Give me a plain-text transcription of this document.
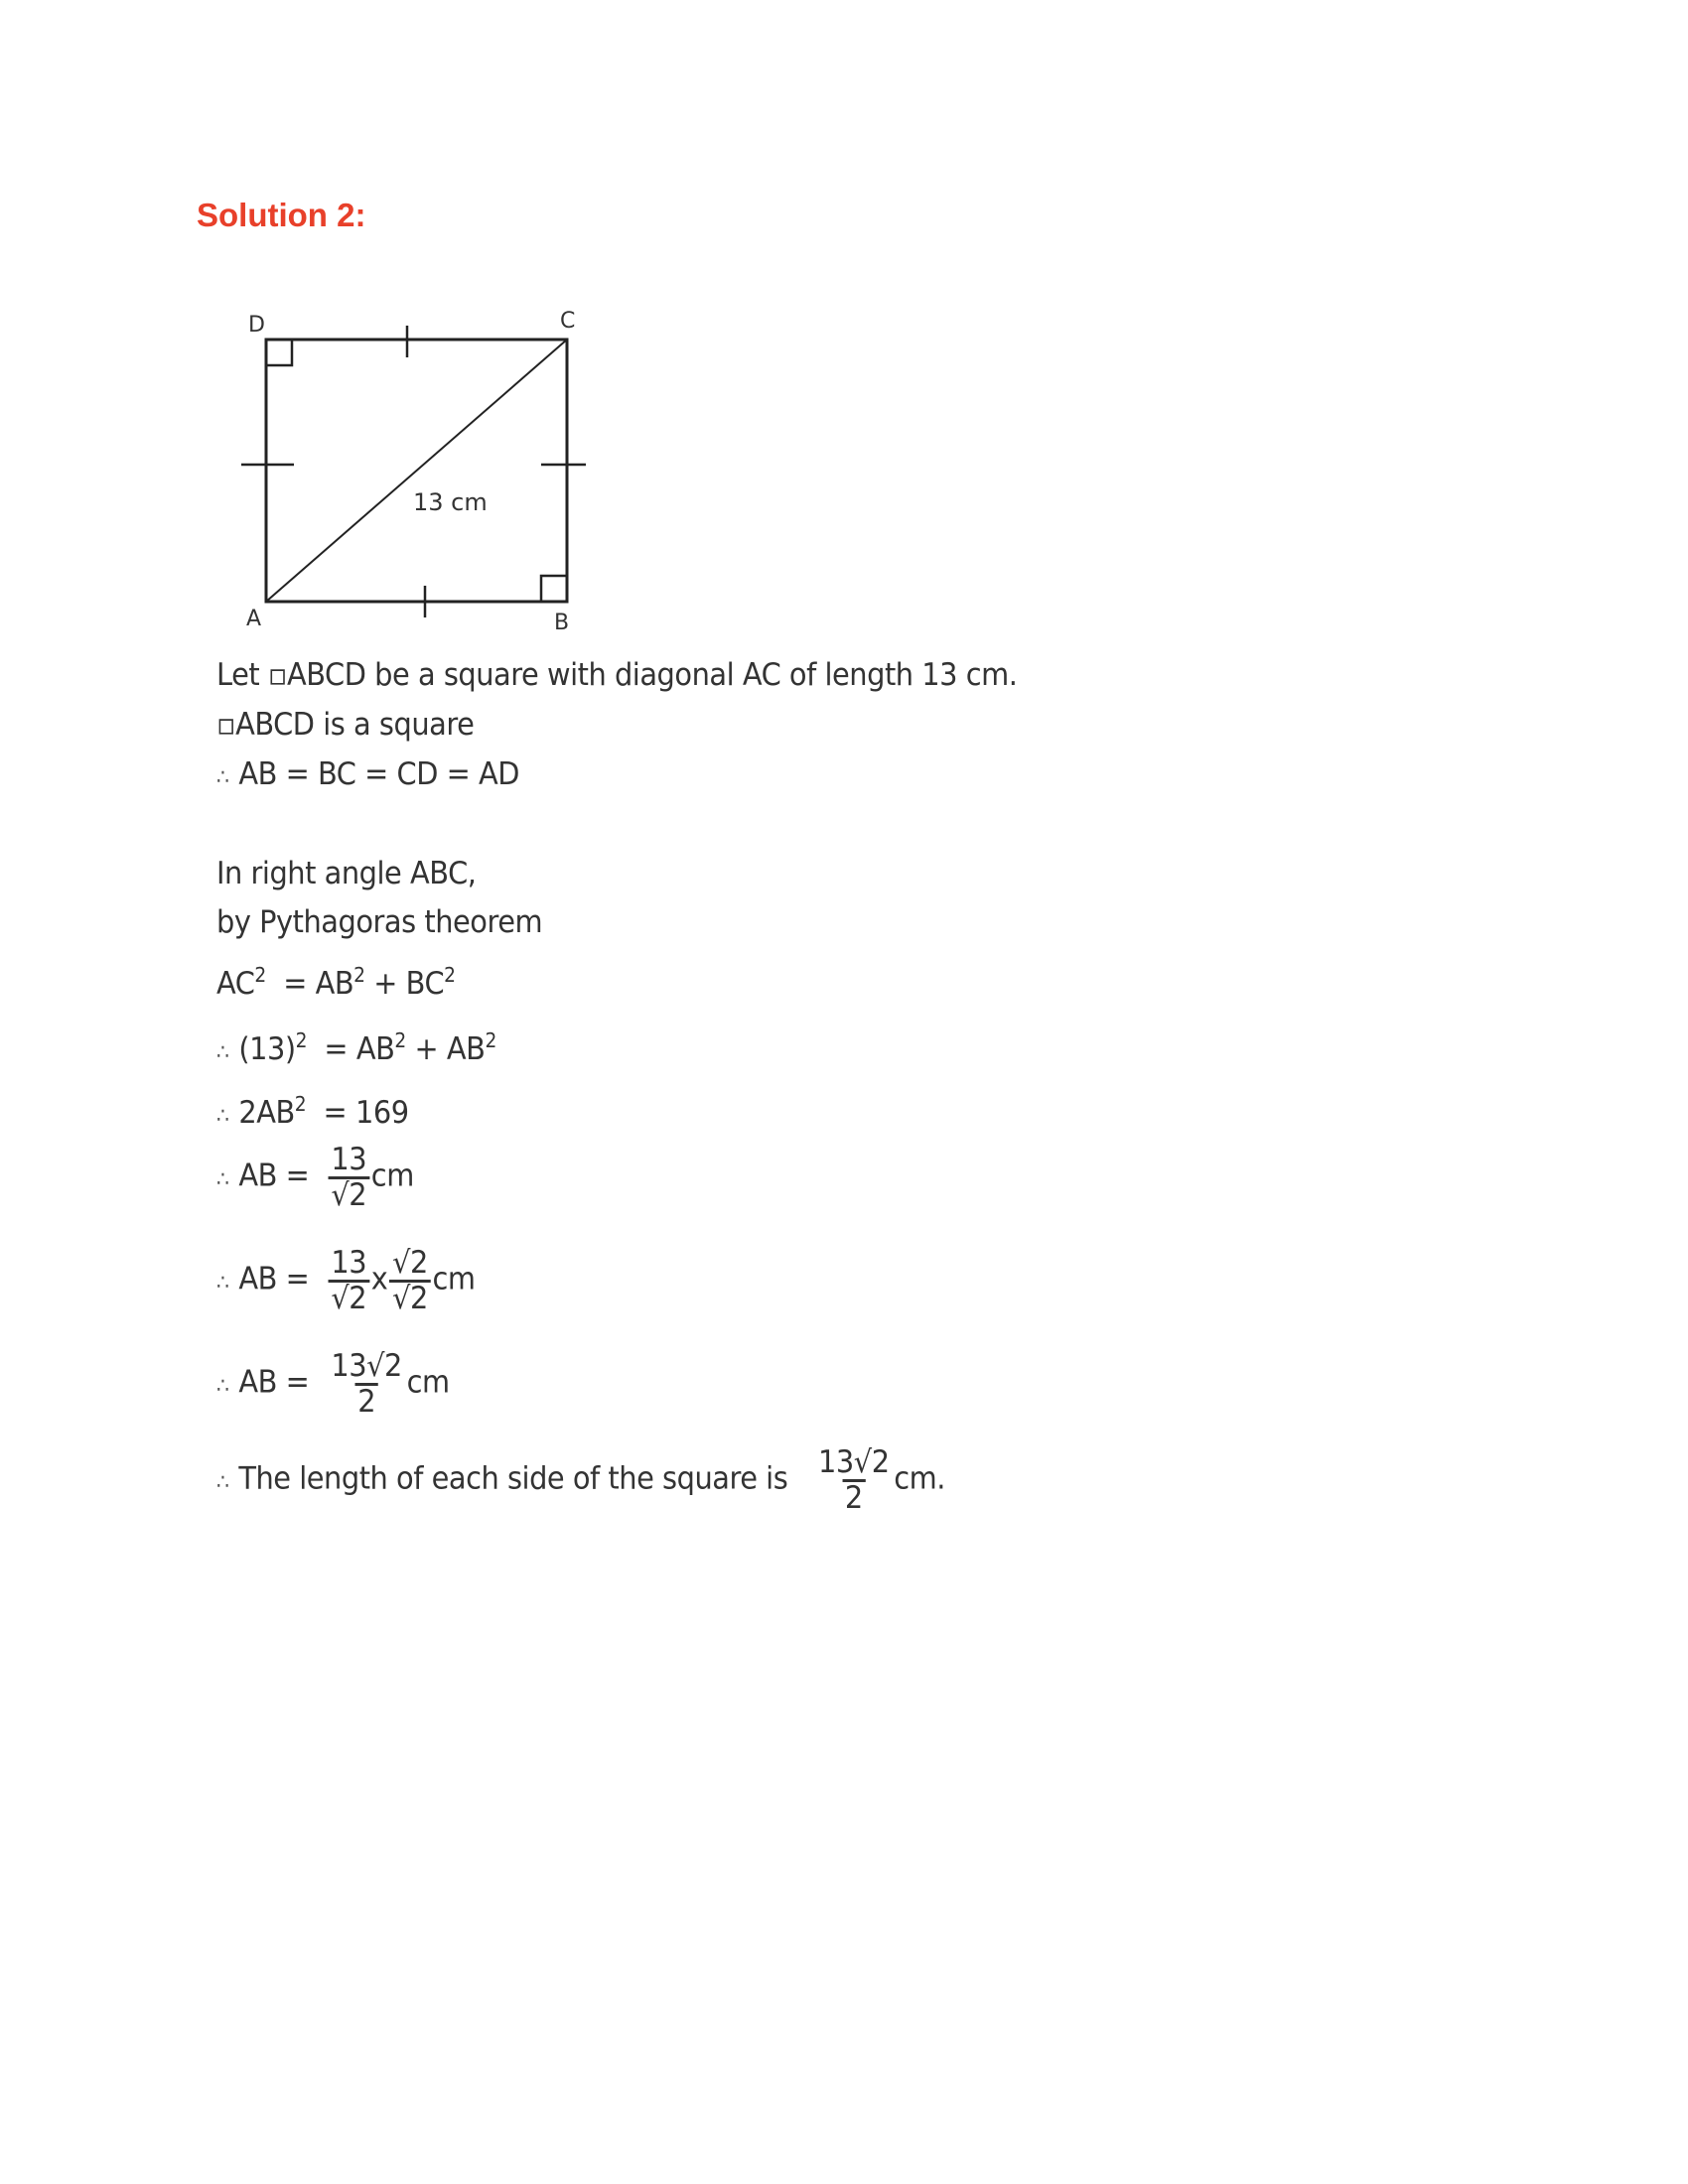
Solution 2:
D	C
A	B
13 cm
Let ▫ABCD be a square with diagonal AC of length 13 cm.
▫ABCD is a square
∴ AB = BC = CD = AD
In right angle ABC,
by Pythagoras theorem
$AC^2 = AB^2 + BC^2$
∴ $(13)^2 = AB^2 + AB^2$
∴ $2AB^2 = 169$
∴ AB = $\frac{13}{√2}$ cm
∴ AB = $\frac{13}{√2}$ x $\frac{√2}{√2}$ cm
∴ AB = $\frac{13√2}{2}$ cm
∴ The length of each side of the square is $\frac{13√2}{2}$ cm.
